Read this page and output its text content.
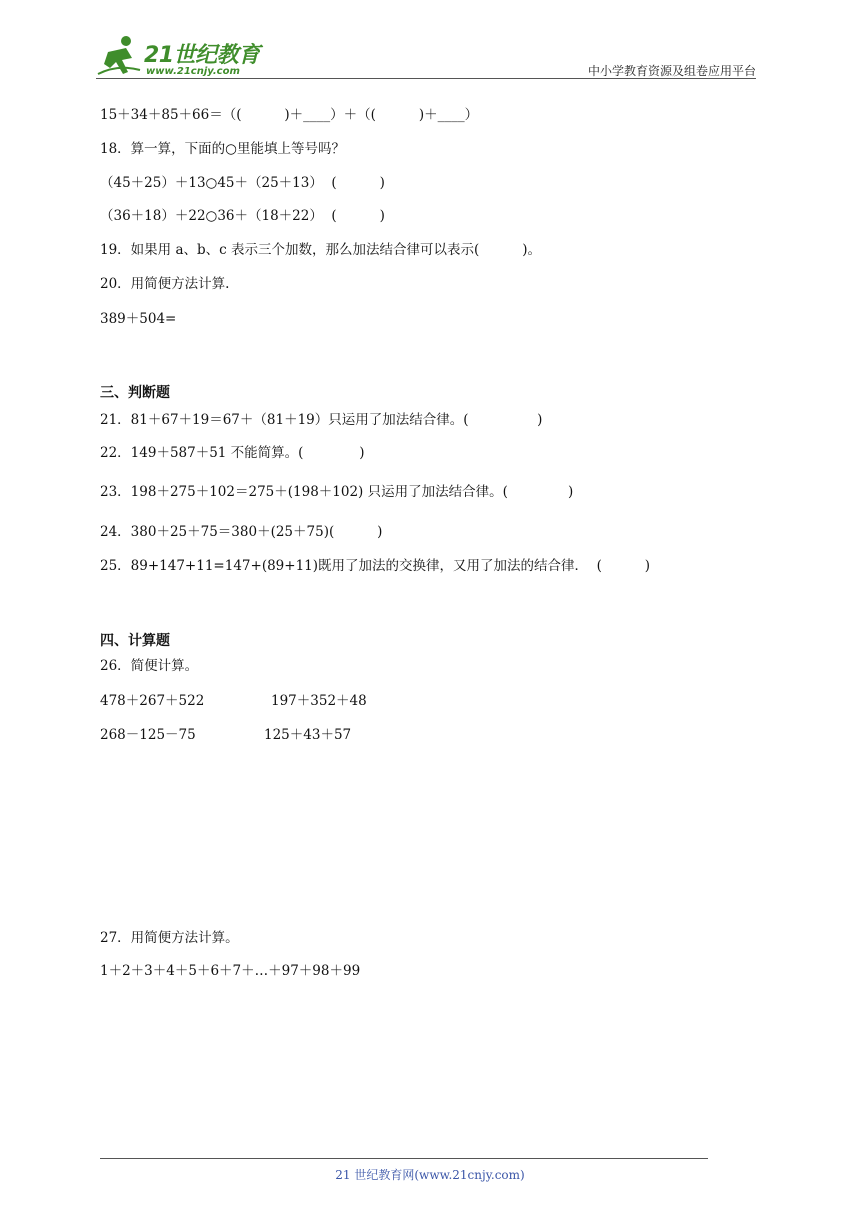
21世纪教育
www.21cnjy.com	中小学教育资源及组卷应用平台
15＋34＋85＋66＝（(          )＋____）＋（(          )＋____）
18．算一算，下面的○里能填上等号吗？
（45＋25）＋13○45＋（25＋13）  (          )
（36＋18）＋22○36＋（18＋22）  (          )
19．如果用 a、b、c 表示三个加数，那么加法结合律可以表示(          )。
20．用简便方法计算.
389＋504=
三、判断题
21．81＋67＋19＝67＋（81＋19）只运用了加法结合律。(                )
22．149＋587＋51 不能简算。(             )
23．198＋275＋102＝275＋(198＋102) 只运用了加法结合律。(              )
24．380＋25＋75＝380＋(25＋75)(          )
25．89+147+11=147+(89+11)既用了加法的交换律，又用了加法的结合律．  (          )
四、计算题
26．简便计算。
478＋267＋522	197＋352＋48
268－125－75	125＋43＋57
27．用简便方法计算。
1＋2＋3＋4＋5＋6＋7＋…＋97＋98＋99
21 世纪教育网(www.21cnjy.com)
